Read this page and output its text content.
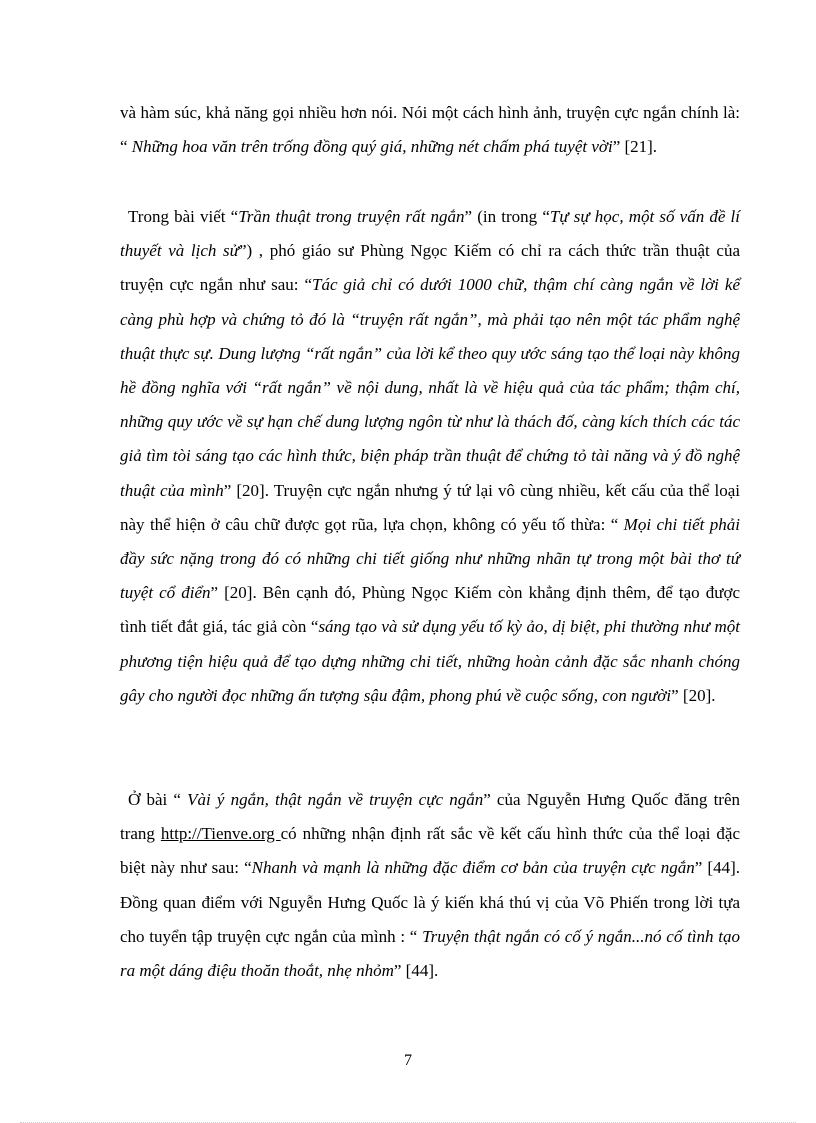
và hàm súc, khả năng gọi nhiều hơn nói. Nói một cách hình ảnh, truyện cực ngắn chính là: “ Những hoa văn trên trống đồng quý giá, những nét chấm phá tuyệt vời” [21].

Trong bài viết “Trần thuật trong truyện rất ngắn” (in trong “Tự sự học, một số vấn đề lí thuyết và lịch sử”) , phó giáo sư Phùng Ngọc Kiếm có chỉ ra cách thức trần thuật của truyện cực ngắn như sau: “Tác giả chỉ có dưới 1000 chữ, thậm chí càng ngắn về lời kể càng phù hợp và chứng tỏ đó là “truyện rất ngắn”, mà phải tạo nên một tác phẩm nghệ thuật thực sự. Dung lượng “rất ngắn” của lời kể theo quy ước sáng tạo thể loại này không hề đồng nghĩa với “rất ngắn” về nội dung, nhất là về hiệu quả của tác phẩm; thậm chí, những quy ước về sự hạn chế dung lượng ngôn từ như là thách đố, càng kích thích các tác giả tìm tòi sáng tạo các hình thức, biện pháp trần thuật để chứng tỏ tài năng và ý đồ nghệ thuật của mình” [20]. Truyện cực ngắn nhưng ý tứ lại vô cùng nhiều, kết cấu của thể loại này thể hiện ở câu chữ được gọt rũa, lựa chọn, không có yếu tố thừa: “ Mọi chi tiết phải đầy sức nặng trong đó có những chi tiết giống như những nhãn tự trong một bài thơ tứ tuyệt cổ điển” [20]. Bên cạnh đó, Phùng Ngọc Kiếm còn khẳng định thêm, để tạo được tình tiết đắt giá, tác giả còn “sáng tạo và sử dụng yếu tố kỳ ảo, dị biệt, phi thường như một phương tiện hiệu quả để tạo dựng những chi tiết, những hoàn cảnh đặc sắc nhanh chóng gây cho người đọc những ấn tượng sậu đậm, phong phú về cuộc sống, con người” [20].

Ở bài “ Vài ý ngắn, thật ngắn về truyện cực ngắn” của Nguyễn Hưng Quốc đăng trên trang http://Tienve.org có những nhận định rất sắc về kết cấu hình thức của thể loại đặc biệt này như sau: “Nhanh và mạnh là những đặc điểm cơ bản của truyện cực ngắn” [44]. Đồng quan điểm với Nguyễn Hưng Quốc là ý kiến khá thú vị của Võ Phiến trong lời tựa cho tuyển tập truyện cực ngắn của mình : “ Truyện thật ngắn có cố ý ngắn...nó cố tình tạo ra một dáng điệu thoăn thoắt, nhẹ nhỏm” [44].

7
